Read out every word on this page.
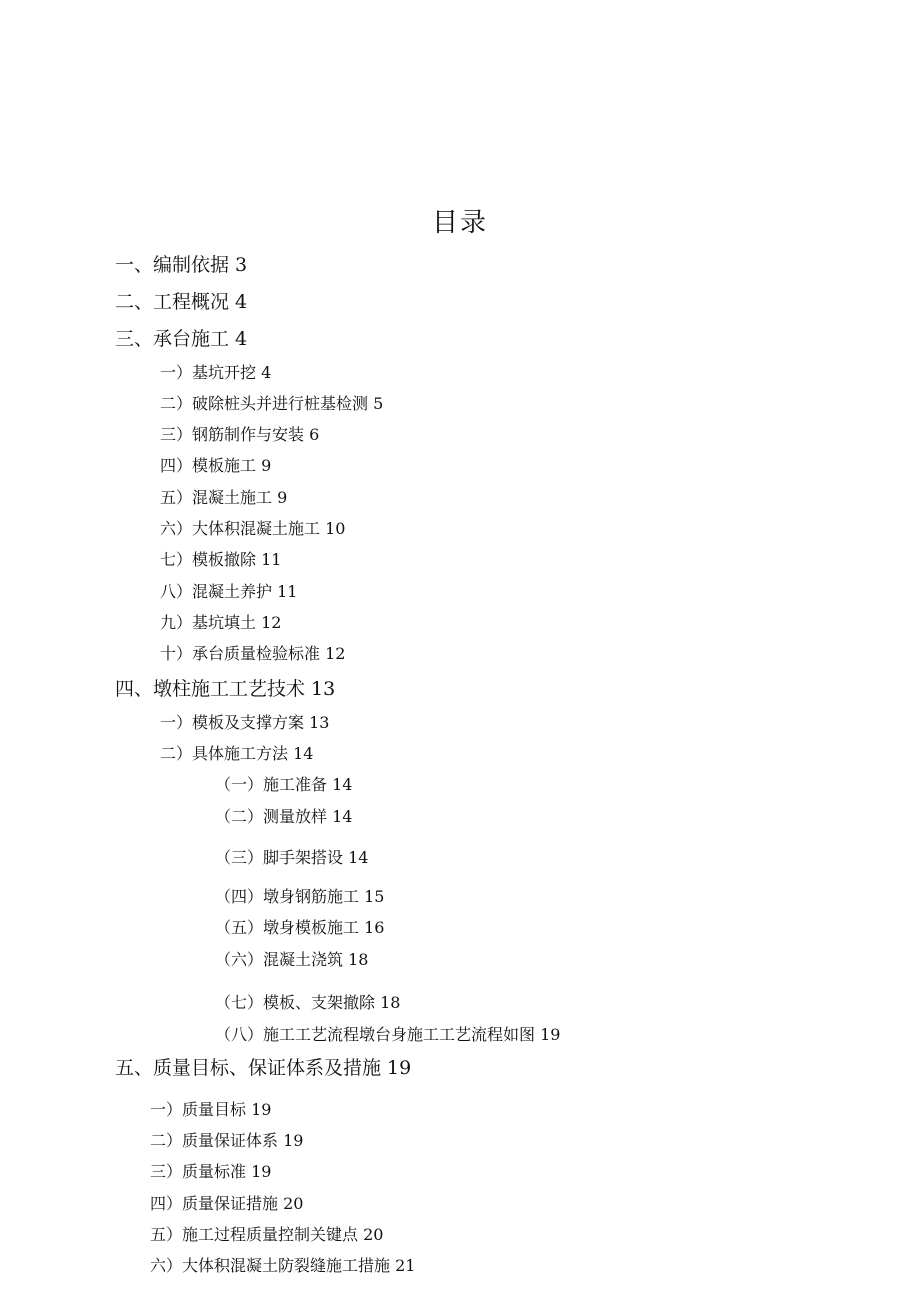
目录
一、编制依据 3
二、工程概况 4
三、承台施工 4
一）基坑开挖 4
二）破除桩头并进行桩基检测 5
三）钢筋制作与安装 6
四）模板施工 9
五）混凝土施工 9
六）大体积混凝土施工 10
七）模板撤除 11
八）混凝土养护 11
九）基坑填土 12
十）承台质量检验标准 12
四、墩柱施工工艺技术 13
一）模板及支撑方案 13
二）具体施工方法 14
（一）施工准备 14
（二）测量放样 14
（三）脚手架搭设 14
（四）墩身钢筋施工 15
（五）墩身模板施工 16
（六）混凝土浇筑 18
（七）模板、支架撤除 18
（八）施工工艺流程墩台身施工工艺流程如图 19
五、质量目标、保证体系及措施 19
一）质量目标 19
二）质量保证体系 19
三）质量标准 19
四）质量保证措施 20
五）施工过程质量控制关键点 20
六）大体积混凝土防裂缝施工措施 21
